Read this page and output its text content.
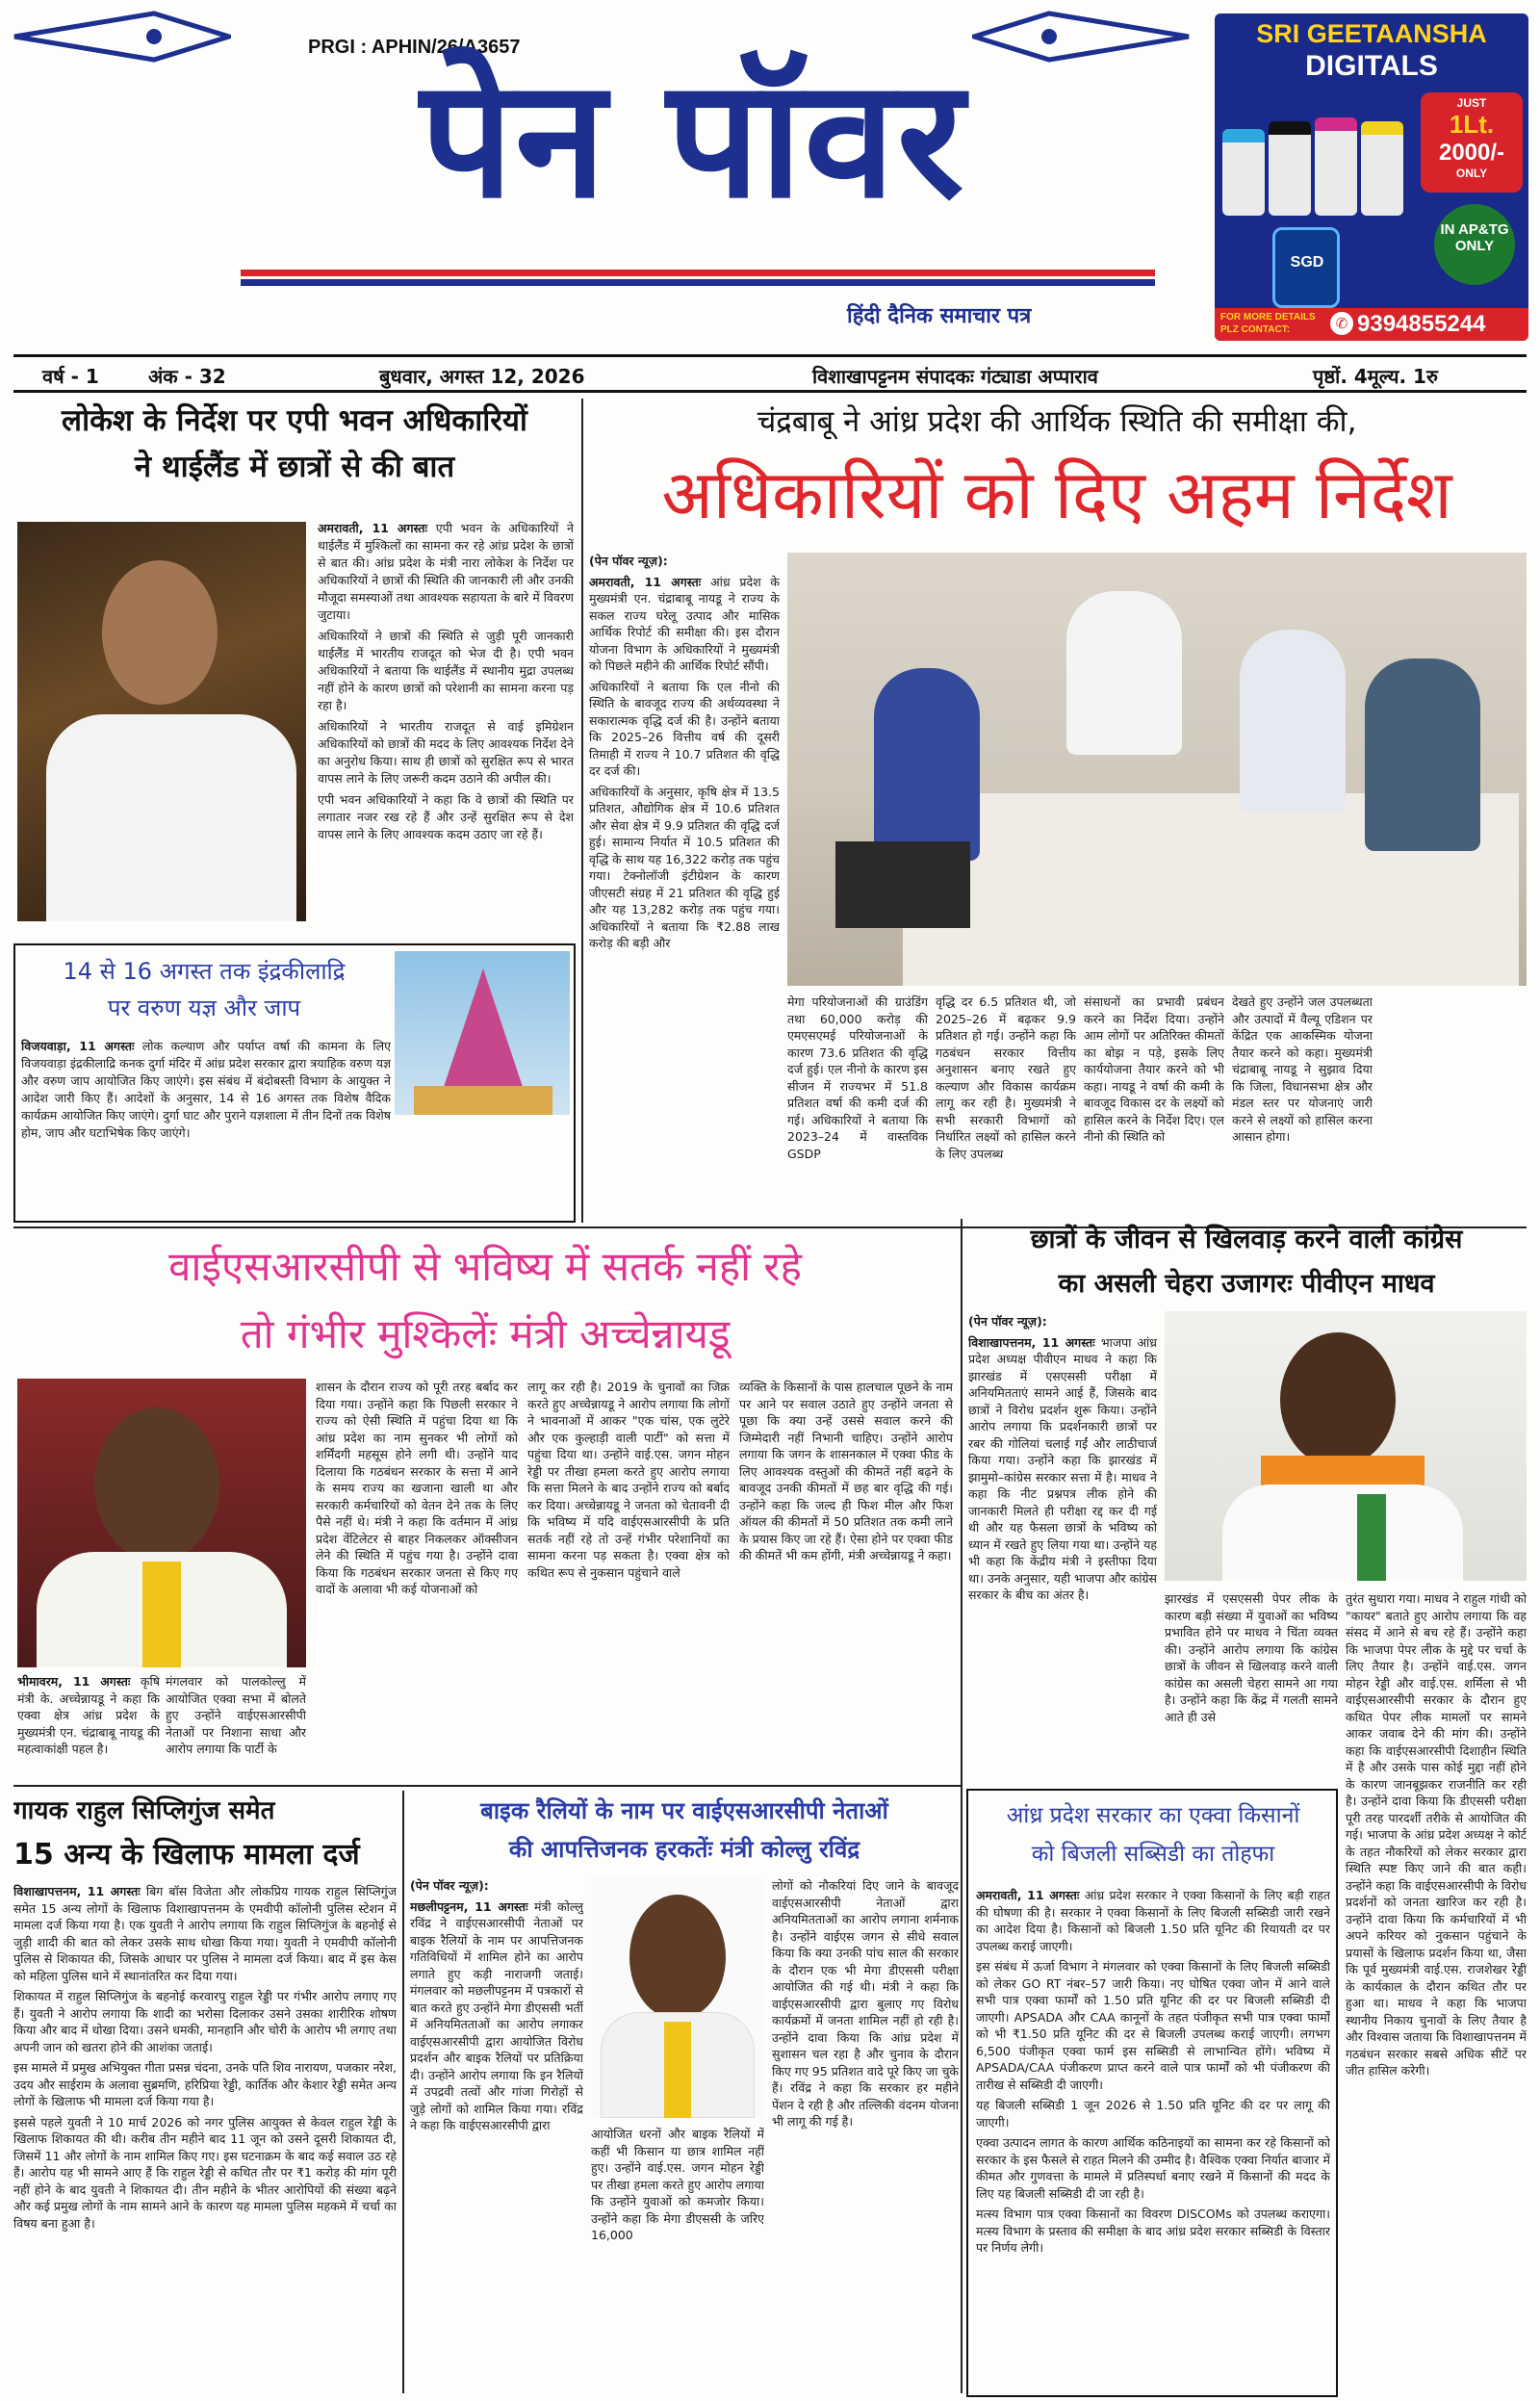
PRGI : APHIN/26/A3657
पेन पॉवर
हिंदी दैनिक समाचार पत्र
SRI GEETAANSHA
DIGITALS
SGD
JUST
1Lt.
2000/-
ONLY
IN AP&TG ONLY
FOR MORE DETAILS PLZ CONTACT:	✆ 9394855244
वर्ष - 1	अंक - 32	बुधवार, अगस्त 12, 2026	विशाखापट्टनम संपादकः गंट्याडा अप्पाराव	पृष्ठों. 4मूल्य. 1रु
लोकेश के निर्देश पर एपी भवन अधिकारियों
ने थाईलैंड में छात्रों से की बात

अमरावती, 11 अगस्तः एपी भवन के अधिकारियों ने थाईलैंड में मुश्किलों का सामना कर रहे आंध्र प्रदेश के छात्रों से बात की। आंध्र प्रदेश के मंत्री नारा लोकेश के निर्देश पर अधिकारियों ने छात्रों की स्थिति की जानकारी ली और उनकी मौजूदा समस्याओं तथा आवश्यक सहायता के बारे में विवरण जुटाया।

अधिकारियों ने छात्रों की स्थिति से जुड़ी पूरी जानकारी थाईलैंड में भारतीय राजदूत को भेज दी है। एपी भवन अधिकारियों ने बताया कि थाईलैंड में स्थानीय मुद्रा उपलब्ध नहीं होने के कारण छात्रों को परेशानी का सामना करना पड़ रहा है।

अधिकारियों ने भारतीय राजदूत से वाई इमिग्रेशन अधिकारियों को छात्रों की मदद के लिए आवश्यक निर्देश देने का अनुरोध किया। साथ ही छात्रों को सुरक्षित रूप से भारत वापस लाने के लिए जरूरी कदम उठाने की अपील की।

एपी भवन अधिकारियों ने कहा कि वे छात्रों की स्थिति पर लगातार नजर रख रहे हैं और उन्हें सुरक्षित रूप से देश वापस लाने के लिए आवश्यक कदम उठाए जा रहे हैं।

14 से 16 अगस्त तक इंद्रकीलाद्रि
पर वरुण यज्ञ और जाप

विजयवाड़ा, 11 अगस्तः लोक कल्याण और पर्याप्त वर्षा की कामना के लिए विजयवाड़ा इंद्रकीलाद्रि कनक दुर्गा मंदिर में आंध्र प्रदेश सरकार द्वारा त्रयाहिक वरुण यज्ञ और वरुण जाप आयोजित किए जाएंगे। इस संबंध में बंदोबस्ती विभाग के आयुक्त ने आदेश जारी किए हैं। आदेशों के अनुसार, 14 से 16 अगस्त तक विशेष वैदिक कार्यक्रम आयोजित किए जाएंगे। दुर्गा घाट और पुराने यज्ञशाला में तीन दिनों तक विशेष होम, जाप और घटाभिषेक किए जाएंगे।

चंद्रबाबू ने आंध्र प्रदेश की आर्थिक स्थिति की समीक्षा की,
अधिकारियों को दिए अहम निर्देश

(पेन पॉवर न्यूज़):

अमरावती, 11 अगस्तः आंध्र प्रदेश के मुख्यमंत्री एन. चंद्राबाबू नायडू ने राज्य के सकल राज्य घरेलू उत्पाद और मासिक आर्थिक रिपोर्ट की समीक्षा की। इस दौरान योजना विभाग के अधिकारियों ने मुख्यमंत्री को पिछले महीने की आर्थिक रिपोर्ट सौंपी।

अधिकारियों ने बताया कि एल नीनो की स्थिति के बावजूद राज्य की अर्थव्यवस्था ने सकारात्मक वृद्धि दर्ज की है। उन्होंने बताया कि 2025–26 वित्तीय वर्ष की दूसरी तिमाही में राज्य ने 10.7 प्रतिशत की वृद्धि दर दर्ज की।

अधिकारियों के अनुसार, कृषि क्षेत्र में 13.5 प्रतिशत, औद्योगिक क्षेत्र में 10.6 प्रतिशत और सेवा क्षेत्र में 9.9 प्रतिशत की वृद्धि दर्ज हुई। सामान्य निर्यात में 10.5 प्रतिशत की वृद्धि के साथ यह 16,322 करोड़ तक पहुंच गया। टेक्नोलॉजी इंटीग्रेशन के कारण जीएसटी संग्रह में 21 प्रतिशत की वृद्धि हुई और यह 13,282 करोड़ तक पहुंच गया। अधिकारियों ने बताया कि ₹2.88 लाख करोड़ की बड़ी और

मेगा परियोजनाओं की ग्राउंडिंग तथा 60,000 करोड़ की एमएसएमई परियोजनाओं के कारण 73.6 प्रतिशत की वृद्धि दर्ज हुई। एल नीनो के कारण इस सीजन में राज्यभर में 51.8 प्रतिशत वर्षा की कमी दर्ज की गई। अधिकारियों ने बताया कि 2023–24 में वास्तविक GSDP

वृद्धि दर 6.5 प्रतिशत थी, जो 2025–26 में बढ़कर 9.9 प्रतिशत हो गई। उन्होंने कहा कि गठबंधन सरकार वित्तीय अनुशासन बनाए रखते हुए कल्याण और विकास कार्यक्रम लागू कर रही है। मुख्यमंत्री ने सभी सरकारी विभागों को निर्धारित लक्ष्यों को हासिल करने के लिए उपलब्ध

संसाधनों का प्रभावी प्रबंधन करने का निर्देश दिया। उन्होंने आम लोगों पर अतिरिक्त कीमतों का बोझ न पड़े, इसके लिए कार्ययोजना तैयार करने को भी कहा। नायडू ने वर्षा की कमी के बावजूद विकास दर के लक्ष्यों को हासिल करने के निर्देश दिए। एल नीनो की स्थिति को

देखते हुए उन्होंने जल उपलब्धता और उत्पादों में वैल्यू एडिशन पर केंद्रित एक आकस्मिक योजना तैयार करने को कहा। मुख्यमंत्री चंद्राबाबू नायडू ने सुझाव दिया कि जिला, विधानसभा क्षेत्र और मंडल स्तर पर योजनाएं जारी करने से लक्ष्यों को हासिल करना आसान होगा।

वाईएसआरसीपी से भविष्य में सतर्क नहीं रहे
तो गंभीर मुश्किलेंः मंत्री अच्चेन्नायडू

भीमावरम, 11 अगस्तः कृषि मंत्री के. अच्चेन्नायडू ने कहा कि एक्वा क्षेत्र आंध्र प्रदेश के मुख्यमंत्री एन. चंद्राबाबू नायडू की महत्वाकांक्षी पहल है।

मंगलवार को पालकोल्लु में आयोजित एक्वा सभा में बोलते हुए उन्होंने वाईएसआरसीपी नेताओं पर निशाना साधा और आरोप लगाया कि पार्टी के

शासन के दौरान राज्य को पूरी तरह बर्बाद कर दिया गया। उन्होंने कहा कि पिछली सरकार ने राज्य को ऐसी स्थिति में पहुंचा दिया था कि आंध्र प्रदेश का नाम सुनकर भी लोगों को शर्मिंदगी महसूस होने लगी थी। उन्होंने याद दिलाया कि गठबंधन सरकार के सत्ता में आने के समय राज्य का खजाना खाली था और सरकारी कर्मचारियों को वेतन देने तक के लिए पैसे नहीं थे। मंत्री ने कहा कि वर्तमान में आंध्र प्रदेश वेंटिलेटर से बाहर निकलकर ऑक्सीजन लेने की स्थिति में पहुंच गया है। उन्होंने दावा किया कि गठबंधन सरकार जनता से किए गए वादों के अलावा भी कई योजनाओं को

लागू कर रही है। 2019 के चुनावों का जिक्र करते हुए अच्चेन्नायडू ने आरोप लगाया कि लोगों ने भावनाओं में आकर "एक चांस, एक लुटेरे और एक कुल्हाड़ी वाली पार्टी" को सत्ता में पहुंचा दिया था। उन्होंने वाई.एस. जगन मोहन रेड्डी पर तीखा हमला करते हुए आरोप लगाया कि सत्ता मिलने के बाद उन्होंने राज्य को बर्बाद कर दिया। अच्चेन्नायडू ने जनता को चेतावनी दी कि भविष्य में यदि वाईएसआरसीपी के प्रति सतर्क नहीं रहे तो उन्हें गंभीर परेशानियों का सामना करना पड़ सकता है। एक्वा क्षेत्र को कथित रूप से नुकसान पहुंचाने वाले

व्यक्ति के किसानों के पास हालचाल पूछने के नाम पर आने पर सवाल उठाते हुए उन्होंने जनता से पूछा कि क्या उन्हें उससे सवाल करने की जिम्मेदारी नहीं निभानी चाहिए। उन्होंने आरोप लगाया कि जगन के शासनकाल में एक्वा फीड के लिए आवश्यक वस्तुओं की कीमतें नहीं बढ़ने के बावजूद उनकी कीमतों में छह बार वृद्धि की गई। उन्होंने कहा कि जल्द ही फिश मील और फिश ऑयल की कीमतों में 50 प्रतिशत तक कमी लाने के प्रयास किए जा रहे हैं। ऐसा होने पर एक्वा फीड की कीमतें भी कम होंगी, मंत्री अच्चेन्नायडू ने कहा।

छात्रों के जीवन से खिलवाड़ करने वाली कांग्रेस
का असली चेहरा उजागरः पीवीएन माधव

(पेन पॉवर न्यूज़):

विशाखापत्तनम, 11 अगस्तः भाजपा आंध्र प्रदेश अध्यक्ष पीवीएन माधव ने कहा कि झारखंड में एसएससी परीक्षा में अनियमितताएं सामने आई हैं, जिसके बाद छात्रों ने विरोध प्रदर्शन शुरू किया। उन्होंने आरोप लगाया कि प्रदर्शनकारी छात्रों पर रबर की गोलियां चलाई गईं और लाठीचार्ज किया गया। उन्होंने कहा कि झारखंड में झामुमो–कांग्रेस सरकार सत्ता में है। माधव ने कहा कि नीट प्रश्नपत्र लीक होने की जानकारी मिलते ही परीक्षा रद्द कर दी गई थी और यह फैसला छात्रों के भविष्य को ध्यान में रखते हुए लिया गया था। उन्होंने यह भी कहा कि केंद्रीय मंत्री ने इस्तीफा दिया था। उनके अनुसार, यही भाजपा और कांग्रेस सरकार के बीच का अंतर है।	झारखंड में एसएससी पेपर लीक के कारण बड़ी संख्या में युवाओं का भविष्य प्रभावित होने पर माधव ने चिंता व्यक्त की। उन्होंने आरोप लगाया कि कांग्रेस छात्रों के जीवन से खिलवाड़ करने वाली कांग्रेस का असली चेहरा सामने आ गया है। उन्होंने कहा कि केंद्र में गलती सामने आते ही उसे

तुरंत सुधारा गया। माधव ने राहुल गांधी को "कायर" बताते हुए आरोप लगाया कि वह संसद में आने से बच रहे हैं। उन्होंने कहा कि भाजपा पेपर लीक के मुद्दे पर चर्चा के लिए तैयार है। उन्होंने वाई.एस. जगन मोहन रेड्डी और वाई.एस. शर्मिला से भी वाईएसआरसीपी सरकार के दौरान हुए कथित पेपर लीक मामलों पर सामने आकर जवाब देने की मांग की। उन्होंने कहा कि वाईएसआरसीपी दिशाहीन स्थिति में है और उसके पास कोई मुद्दा नहीं होने के कारण जानबूझकर राजनीति कर रही है। उन्होंने दावा किया कि डीएससी परीक्षा पूरी तरह पारदर्शी तरीके से आयोजित की गई। भाजपा के आंध्र प्रदेश अध्यक्ष ने कोर्ट के तहत नौकरियों को लेकर सरकार द्वारा स्थिति स्पष्ट किए जाने की बात कही। उन्होंने कहा कि वाईएसआरसीपी के विरोध प्रदर्शनों को जनता खारिज कर रही है। उन्होंने दावा किया कि कर्मचारियों में भी अपने करियर को नुकसान पहुंचाने के प्रयासों के खिलाफ प्रदर्शन किया था, जैसा कि पूर्व मुख्यमंत्री वाई.एस. राजशेखर रेड्डी के कार्यकाल के दौरान कथित तौर पर हुआ था। माधव ने कहा कि भाजपा स्थानीय निकाय चुनावों के लिए तैयार है और विश्वास जताया कि विशाखापत्तनम में गठबंधन सरकार सबसे अधिक सीटें पर जीत हासिल करेगी।

गायक राहुल सिप्लिगुंज समेत
15 अन्य के खिलाफ मामला दर्ज

विशाखापत्तनम, 11 अगस्तः बिग बॉस विजेता और लोकप्रिय गायक राहुल सिप्लिगुंज समेत 15 अन्य लोगों के खिलाफ विशाखापत्तनम के एमवीपी कॉलोनी पुलिस स्टेशन में मामला दर्ज किया गया है। एक युवती ने आरोप लगाया कि राहुल सिप्लिगुंज के बहनोई से जुड़ी शादी की बात को लेकर उसके साथ धोखा किया गया। युवती ने एमवीपी कॉलोनी पुलिस से शिकायत की, जिसके आधार पर पुलिस ने मामला दर्ज किया। बाद में इस केस को महिला पुलिस थाने में स्थानांतरित कर दिया गया।

शिकायत में राहुल सिप्लिगुंज के बहनोई करवारपु राहुल रेड्डी पर गंभीर आरोप लगाए गए हैं। युवती ने आरोप लगाया कि शादी का भरोसा दिलाकर उसने उसका शारीरिक शोषण किया और बाद में धोखा दिया। उसने धमकी, मानहानि और चोरी के आरोप भी लगाए तथा अपनी जान को खतरा होने की आशंका जताई।

इस मामले में प्रमुख अभियुक्त गीता प्रसन्न चंदना, उनके पति शिव नारायण, पजकार नरेश, उदय और साईराम के अलावा सुब्रमणि, हरिप्रिया रेड्डी, कार्तिक और केशार रेड्डी समेत अन्य लोगों के खिलाफ भी मामला दर्ज किया गया है।

इससे पहले युवती ने 10 मार्च 2026 को नगर पुलिस आयुक्त से केवल राहुल रेड्डी के खिलाफ शिकायत की थी। करीब तीन महीने बाद 11 जून को उसने दूसरी शिकायत दी, जिसमें 11 और लोगों के नाम शामिल किए गए। इस घटनाक्रम के बाद कई सवाल उठ रहे हैं। आरोप यह भी सामने आए हैं कि राहुल रेड्डी से कथित तौर पर ₹1 करोड़ की मांग पूरी नहीं होने के बाद युवती ने शिकायत दी। तीन महीने के भीतर आरोपियों की संख्या बढ़ने और कई प्रमुख लोगों के नाम सामने आने के कारण यह मामला पुलिस महकमे में चर्चा का विषय बना हुआ है।

बाइक रैलियों के नाम पर वाईएसआरसीपी नेताओं
की आपत्तिजनक हरकतेंः मंत्री कोल्लु रविंद्र

(पेन पॉवर न्यूज़):

मछलीपट्टनम, 11 अगस्तः मंत्री कोल्लु रविंद्र ने वाईएसआरसीपी नेताओं पर बाइक रैलियों के नाम पर आपत्तिजनक गतिविधियों में शामिल होने का आरोप लगाते हुए कड़ी नाराजगी जताई। मंगलवार को मछलीपट्टनम में पत्रकारों से बात करते हुए उन्होंने मेगा डीएससी भर्ती में अनियमितताओं का आरोप लगाकर वाईएसआरसीपी द्वारा आयोजित विरोध प्रदर्शन और बाइक रैलियों पर प्रतिक्रिया दी। उन्होंने आरोप लगाया कि इन रैलियों में उपद्रवी तत्वों और गांजा गिरोहों से जुड़े लोगों को शामिल किया गया। रविंद्र ने कहा कि वाईएसआरसीपी द्वारा

आयोजित धरनों और बाइक रैलियों में कहीं भी किसान या छात्र शामिल नहीं हुए। उन्होंने वाई.एस. जगन मोहन रेड्डी पर तीखा हमला करते हुए आरोप लगाया कि उन्होंने युवाओं को कमजोर किया। उन्होंने कहा कि मेगा डीएससी के जरिए 16,000

लोगों को नौकरियां दिए जाने के बावजूद वाईएसआरसीपी नेताओं द्वारा अनियमितताओं का आरोप लगाना शर्मनाक है। उन्होंने वाईएस जगन से सीधे सवाल किया कि क्या उनकी पांच साल की सरकार के दौरान एक भी मेगा डीएससी परीक्षा आयोजित की गई थी। मंत्री ने कहा कि वाईएसआरसीपी द्वारा बुलाए गए विरोध कार्यक्रमों में जनता शामिल नहीं हो रही है। उन्होंने दावा किया कि आंध्र प्रदेश में सुशासन चल रहा है और चुनाव के दौरान किए गए 95 प्रतिशत वादे पूरे किए जा चुके हैं। रविंद्र ने कहा कि सरकार हर महीने पेंशन दे रही है और तल्लिकी वंदनम योजना भी लागू की गई है।

आंध्र प्रदेश सरकार का एक्वा किसानों
को बिजली सब्सिडी का तोहफा

अमरावती, 11 अगस्तः आंध्र प्रदेश सरकार ने एक्वा किसानों के लिए बड़ी राहत की घोषणा की है। सरकार ने एक्वा किसानों के लिए बिजली सब्सिडी जारी रखने का आदेश दिया है। किसानों को बिजली 1.50 प्रति यूनिट की रियायती दर पर उपलब्ध कराई जाएगी।

इस संबंध में ऊर्जा विभाग ने मंगलवार को एक्वा किसानों के लिए बिजली सब्सिडी को लेकर GO RT नंबर–57 जारी किया। नए घोषित एक्वा जोन में आने वाले सभी पात्र एक्वा फार्मों को 1.50 प्रति यूनिट की दर पर बिजली सब्सिडी दी जाएगी। APSADA और CAA कानूनों के तहत पंजीकृत सभी पात्र एक्वा फार्मों को भी ₹1.50 प्रति यूनिट की दर से बिजली उपलब्ध कराई जाएगी। लगभग 6,500 पंजीकृत एक्वा फार्म इस सब्सिडी से लाभान्वित होंगे। भविष्य में APSADA/CAA पंजीकरण प्राप्त करने वाले पात्र फार्मों को भी पंजीकरण की तारीख से सब्सिडी दी जाएगी।

यह बिजली सब्सिडी 1 जून 2026 से 1.50 प्रति यूनिट की दर पर लागू की जाएगी।

एक्वा उत्पादन लागत के कारण आर्थिक कठिनाइयों का सामना कर रहे किसानों को सरकार के इस फैसले से राहत मिलने की उम्मीद है। वैश्विक एक्वा निर्यात बाजार में कीमत और गुणवत्ता के मामले में प्रतिस्पर्धा बनाए रखने में किसानों की मदद के लिए यह बिजली सब्सिडी दी जा रही है।

मत्स्य विभाग पात्र एक्वा किसानों का विवरण DISCOMs को उपलब्ध कराएगा। मत्स्य विभाग के प्रस्ताव की समीक्षा के बाद आंध्र प्रदेश सरकार सब्सिडी के विस्तार पर निर्णय लेगी।
